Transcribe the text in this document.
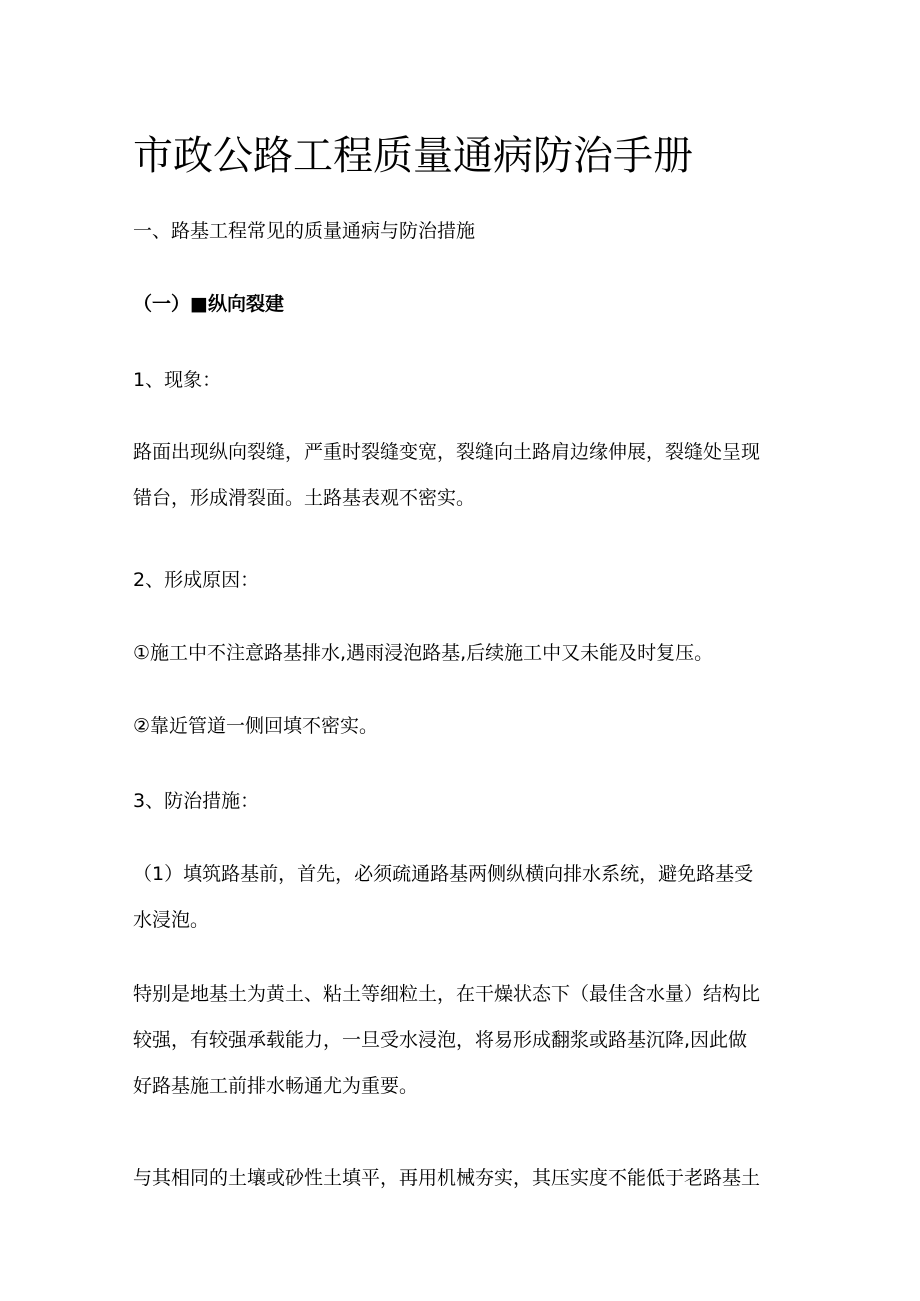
市政公路工程质量通病防治手册
一、路基工程常见的质量通病与防治措施
（一）■纵向裂建
1、现象：
路面出现纵向裂缝，严重时裂缝变宽，裂缝向土路肩边缘伸展，裂缝处呈现
错台，形成滑裂面。土路基表观不密实。
2、形成原因：
①施工中不注意路基排水,遇雨浸泡路基,后续施工中又未能及时复压。
②靠近管道一侧回填不密实。
3、防治措施：
（1）填筑路基前，首先，必须疏通路基两侧纵横向排水系统，避免路基受
水浸泡。
特别是地基土为黄土、粘土等细粒土，在干燥状态下（最佳含水量）结构比
较强，有较强承载能力，一旦受水浸泡，将易形成翻浆或路基沉降,因此做
好路基施工前排水畅通尤为重要。
与其相同的土壤或砂性土填平，再用机械夯实，其压实度不能低于老路基土
